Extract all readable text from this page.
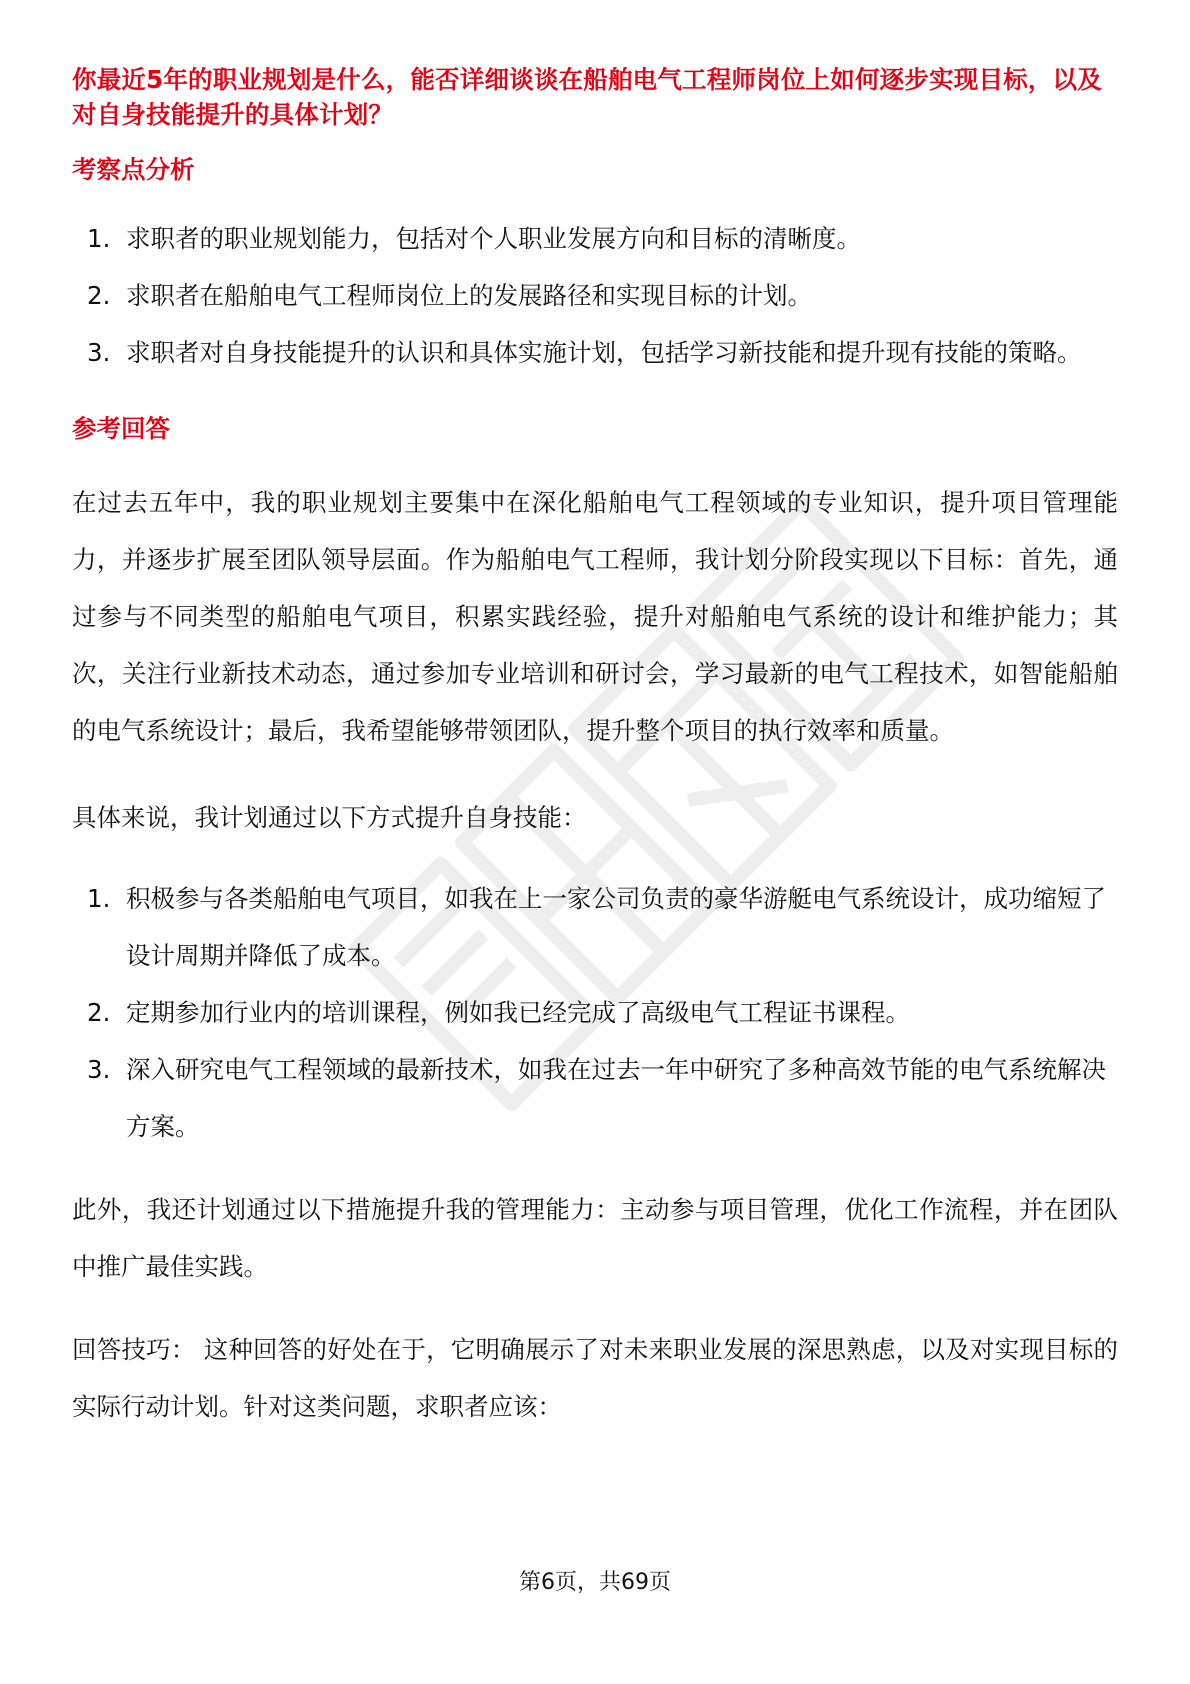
你最近5年的职业规划是什么，能否详细谈谈在船舶电气工程师岗位上如何逐步实现目标，以及对自身技能提升的具体计划？
考察点分析
1. 求职者的职业规划能力，包括对个人职业发展方向和目标的清晰度。
2. 求职者在船舶电气工程师岗位上的发展路径和实现目标的计划。
3. 求职者对自身技能提升的认识和具体实施计划，包括学习新技能和提升现有技能的策略。
参考回答

在过去五年中，我的职业规划主要集中在深化船舶电气工程领域的专业知识，提升项目管理能力，并逐步扩展至团队领导层面。作为船舶电气工程师，我计划分阶段实现以下目标：首先，通过参与不同类型的船舶电气项目，积累实践经验，提升对船舶电气系统的设计和维护能力；其次，关注行业新技术动态，通过参加专业培训和研讨会，学习最新的电气工程技术，如智能船舶的电气系统设计；最后，我希望能够带领团队，提升整个项目的执行效率和质量。

具体来说，我计划通过以下方式提升自身技能：

1. 积极参与各类船舶电气项目，如我在上一家公司负责的豪华游艇电气系统设计，成功缩短了设计周期并降低了成本。
2. 定期参加行业内的培训课程，例如我已经完成了高级电气工程证书课程。
3. 深入研究电气工程领域的最新技术，如我在过去一年中研究了多种高效节能的电气系统解决方案。

此外，我还计划通过以下措施提升我的管理能力：主动参与项目管理，优化工作流程，并在团队中推广最佳实践。

回答技巧： 这种回答的好处在于，它明确展示了对未来职业发展的深思熟虑，以及对实现目标的实际行动计划。针对这类问题，求职者应该：

第6页，共69页
